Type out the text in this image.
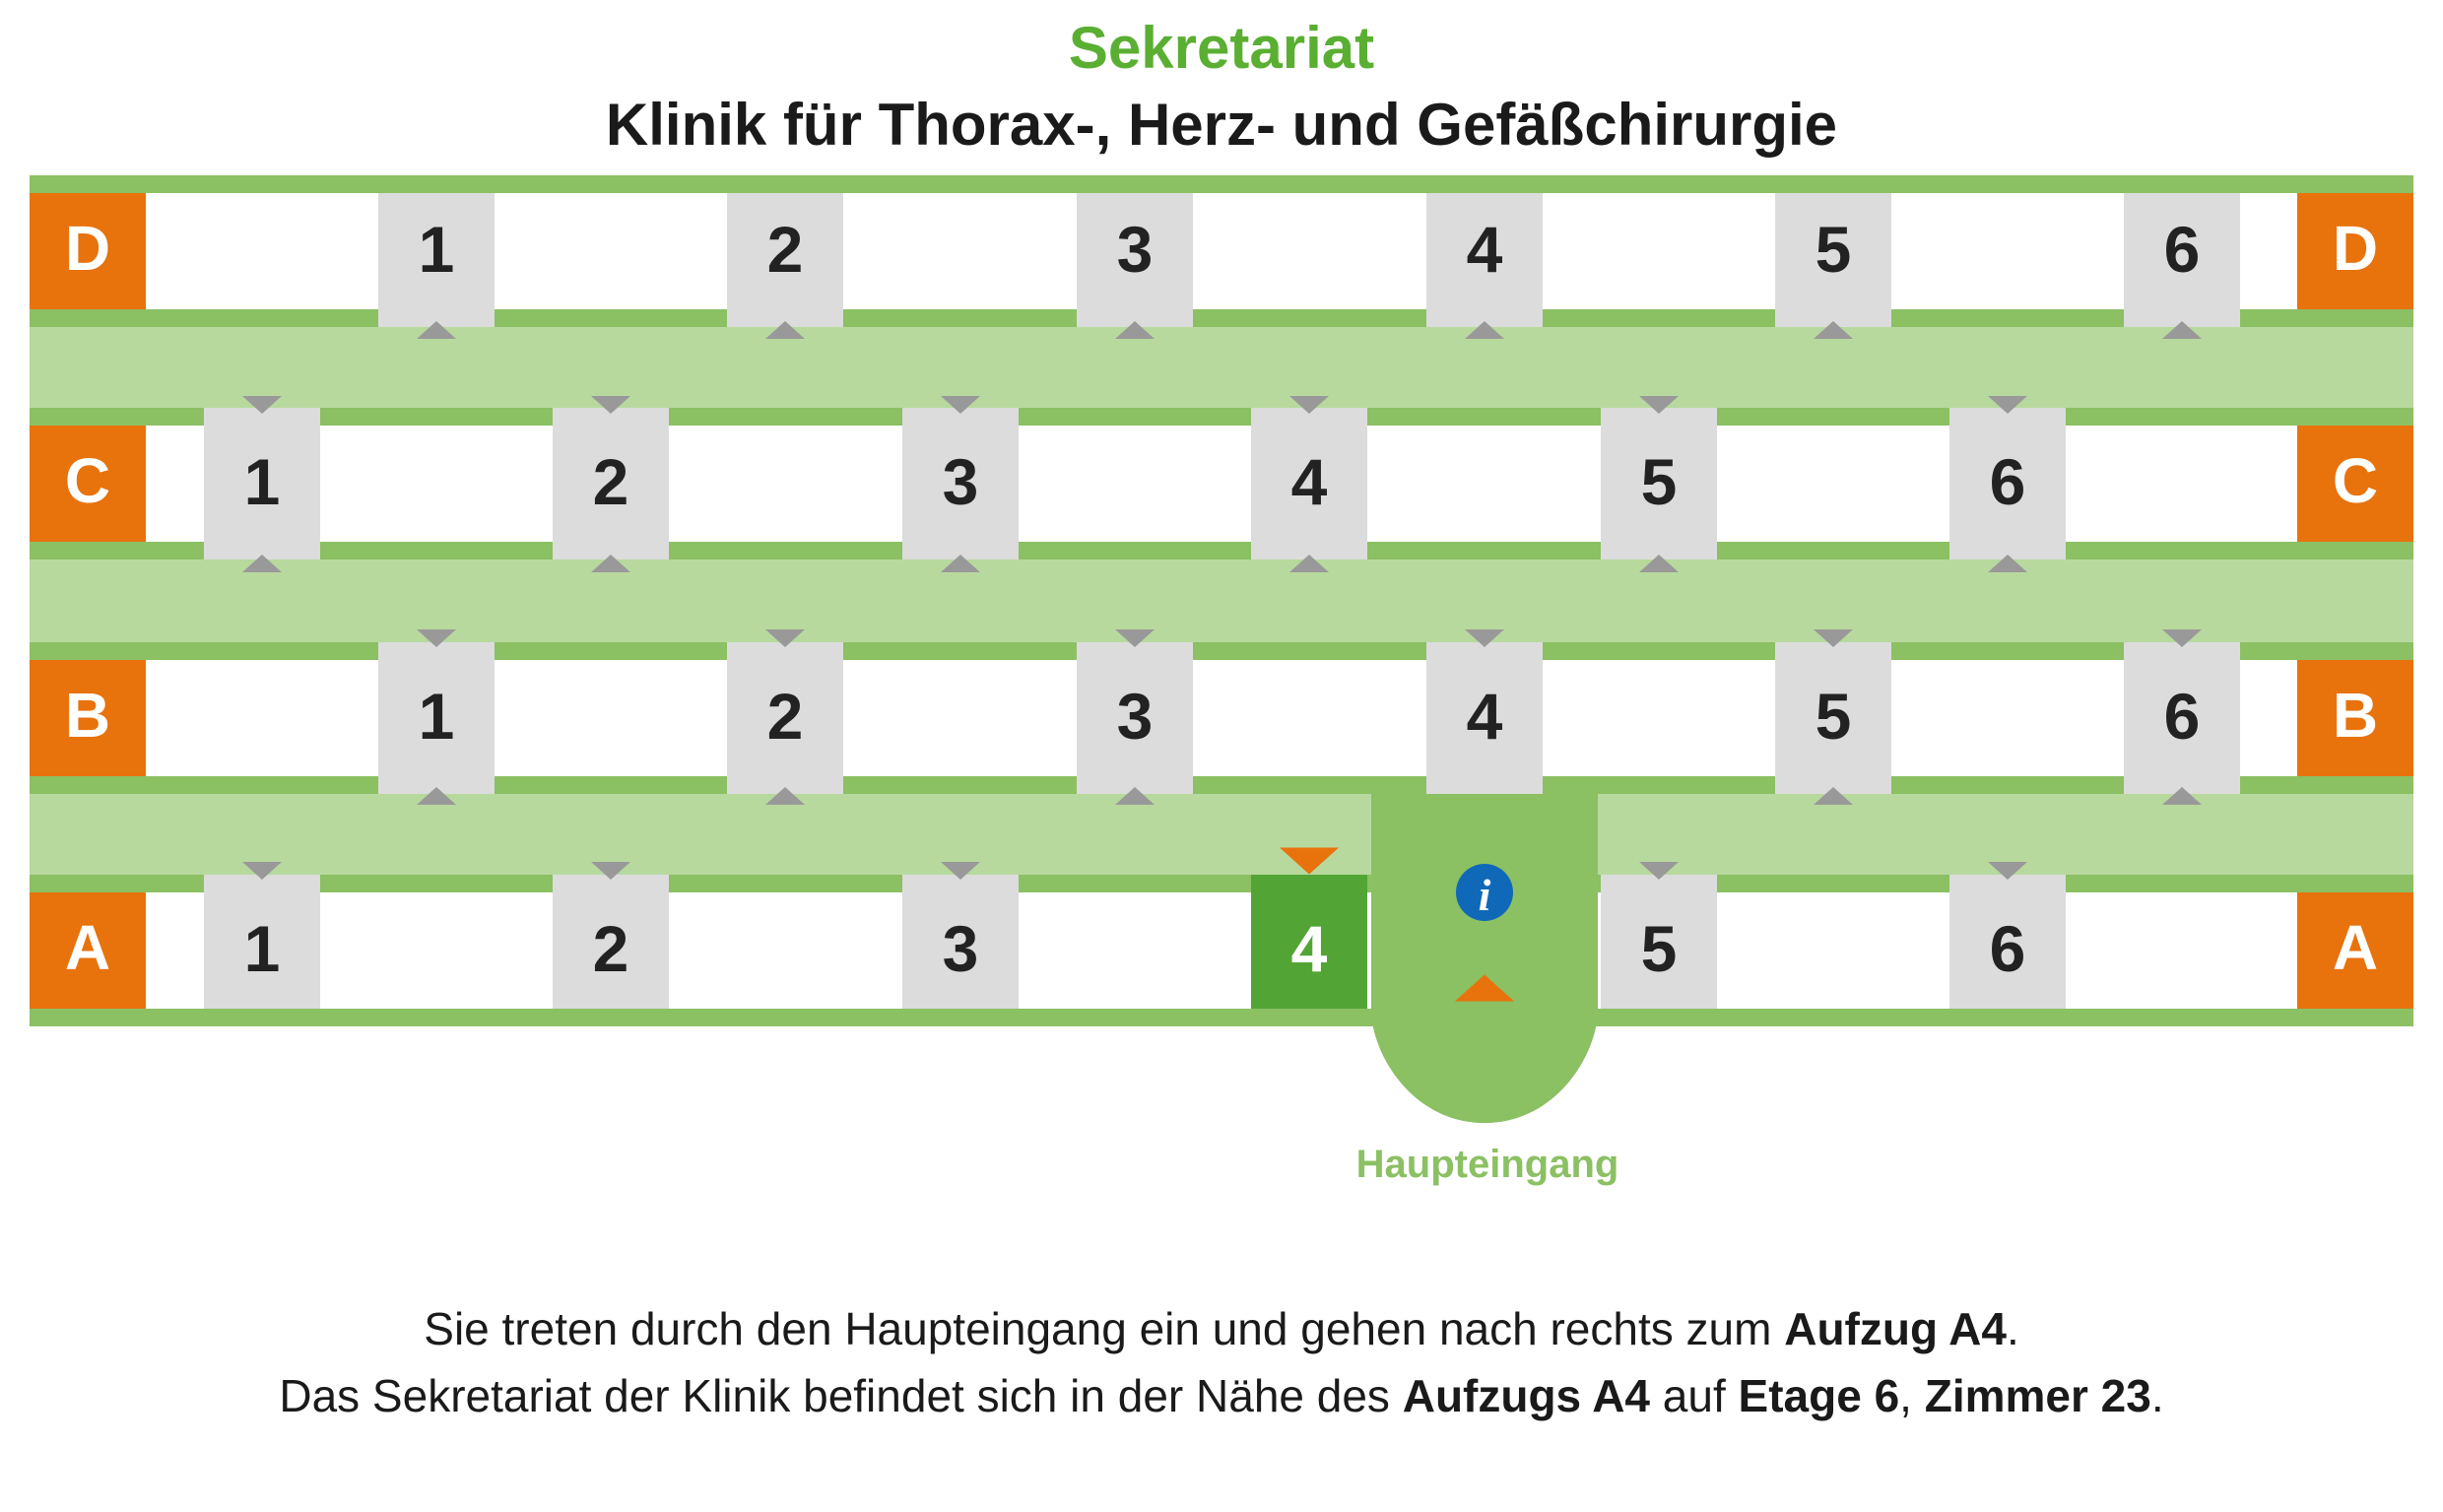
Sekretariat
Klinik für Thorax-, Herz- und Gefäßchirurgie
D	D
1	2	3	4	5	6
C	C
1	2	3	4	5	6
B	B
1	2	3	4	5	6
A	A
1	2	3	4	5	6
i
Haupteingang
Sie treten durch den Haupteingang ein und gehen nach rechts zum Aufzug A4.
Das Sekretariat der Klinik befindet sich in der Nähe des Aufzugs A4 auf Etage 6, Zimmer 23.
